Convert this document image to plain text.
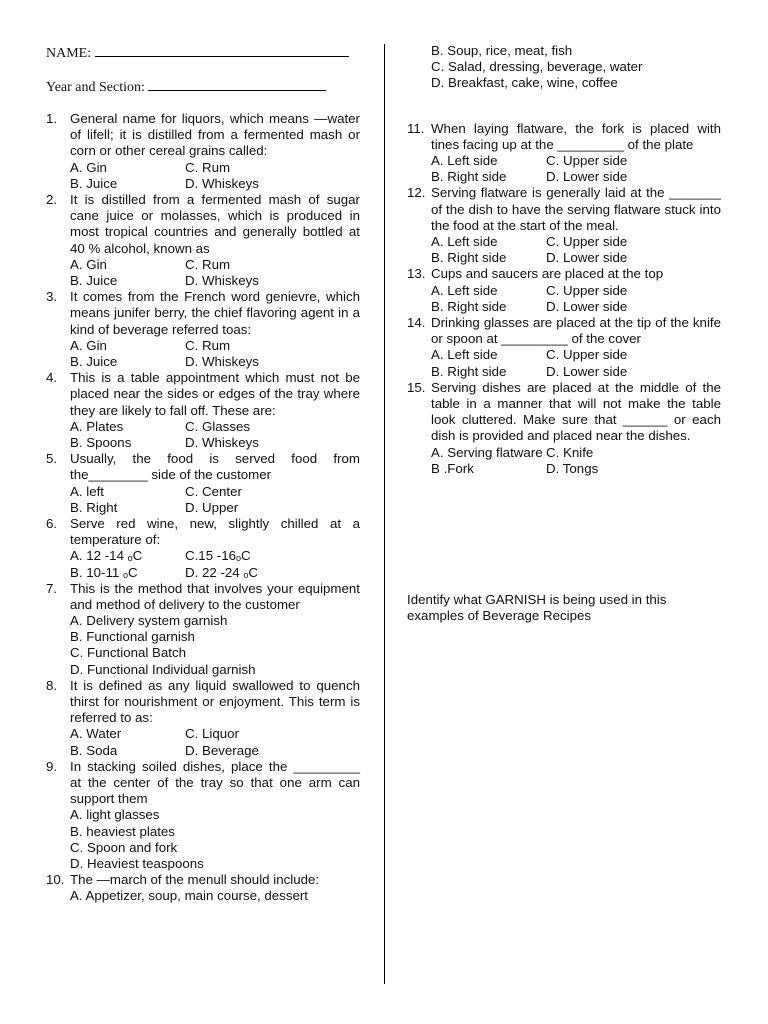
NAME:
Year and Section:
1. General name for liquors, which means —water of lifell; it is distilled from a fermented mash or corn or other cereal grains called:
A. Gin	C. Rum
B. Juice	D. Whiskeys
2. It is distilled from a fermented mash of sugar cane juice or molasses, which is produced in most tropical countries and generally bottled at 40 % alcohol, known as
A. Gin	C. Rum
B. Juice	D. Whiskeys
3. It comes from the French word genievre, which means junifer berry, the chief flavoring agent in a kind of beverage referred toas:
A. Gin	C. Rum
B. Juice	D. Whiskeys
4. This is a table appointment which must not be placed near the sides or edges of the tray where they are likely to fall off. These are:
A. Plates	C. Glasses
B. Spoons	D. Whiskeys
5. Usually, the food is served food from the________ side of the customer
A. left	C. Center
B. Right	D. Upper
6. Serve red wine, new, slightly chilled at a temperature of:
A. 12 -14 ₒC	C.15 -16ₒC
B. 10-11 ₒC	D. 22 -24 ₒC
7. This is the method that involves your equipment and method of delivery to the customer
A. Delivery system garnish
B. Functional garnish
C. Functional Batch
D. Functional Individual garnish
8. It is defined as any liquid swallowed to quench thirst for nourishment or enjoyment. This term is referred to as:
A. Water	C. Liquor
B. Soda	D. Beverage
9. In stacking soiled dishes, place the _________ at the center of the tray so that one arm can support them
A. light glasses
B. heaviest plates
C. Spoon and fork
D. Heaviest teaspoons
10. The —march of the menull should include:
A. Appetizer, soup, main course, dessert
B. Soup, rice, meat, fish
C. Salad, dressing, beverage, water
D. Breakfast, cake, wine, coffee
11. When laying flatware, the fork is placed with tines facing up at the _________ of the plate
A. Left side	C. Upper side
B. Right side	D. Lower side
12. Serving flatware is generally laid at the _______ of the dish to have the serving flatware stuck into the food at the start of the meal.
A. Left side	C. Upper side
B. Right side	D. Lower side
13. Cups and saucers are placed at the top
A. Left side	C. Upper side
B. Right side	D. Lower side
14. Drinking glasses are placed at the tip of the knife or spoon at _________ of the cover
A. Left side	C. Upper side
B. Right side	D. Lower side
15. Serving dishes are placed at the middle of the table in a manner that will not make the table look cluttered. Make sure that ______ or each dish is provided and placed near the dishes.
A. Serving flatware C. Knife
B .Fork	D. Tongs
Identify what GARNISH is being used in this examples of Beverage Recipes
